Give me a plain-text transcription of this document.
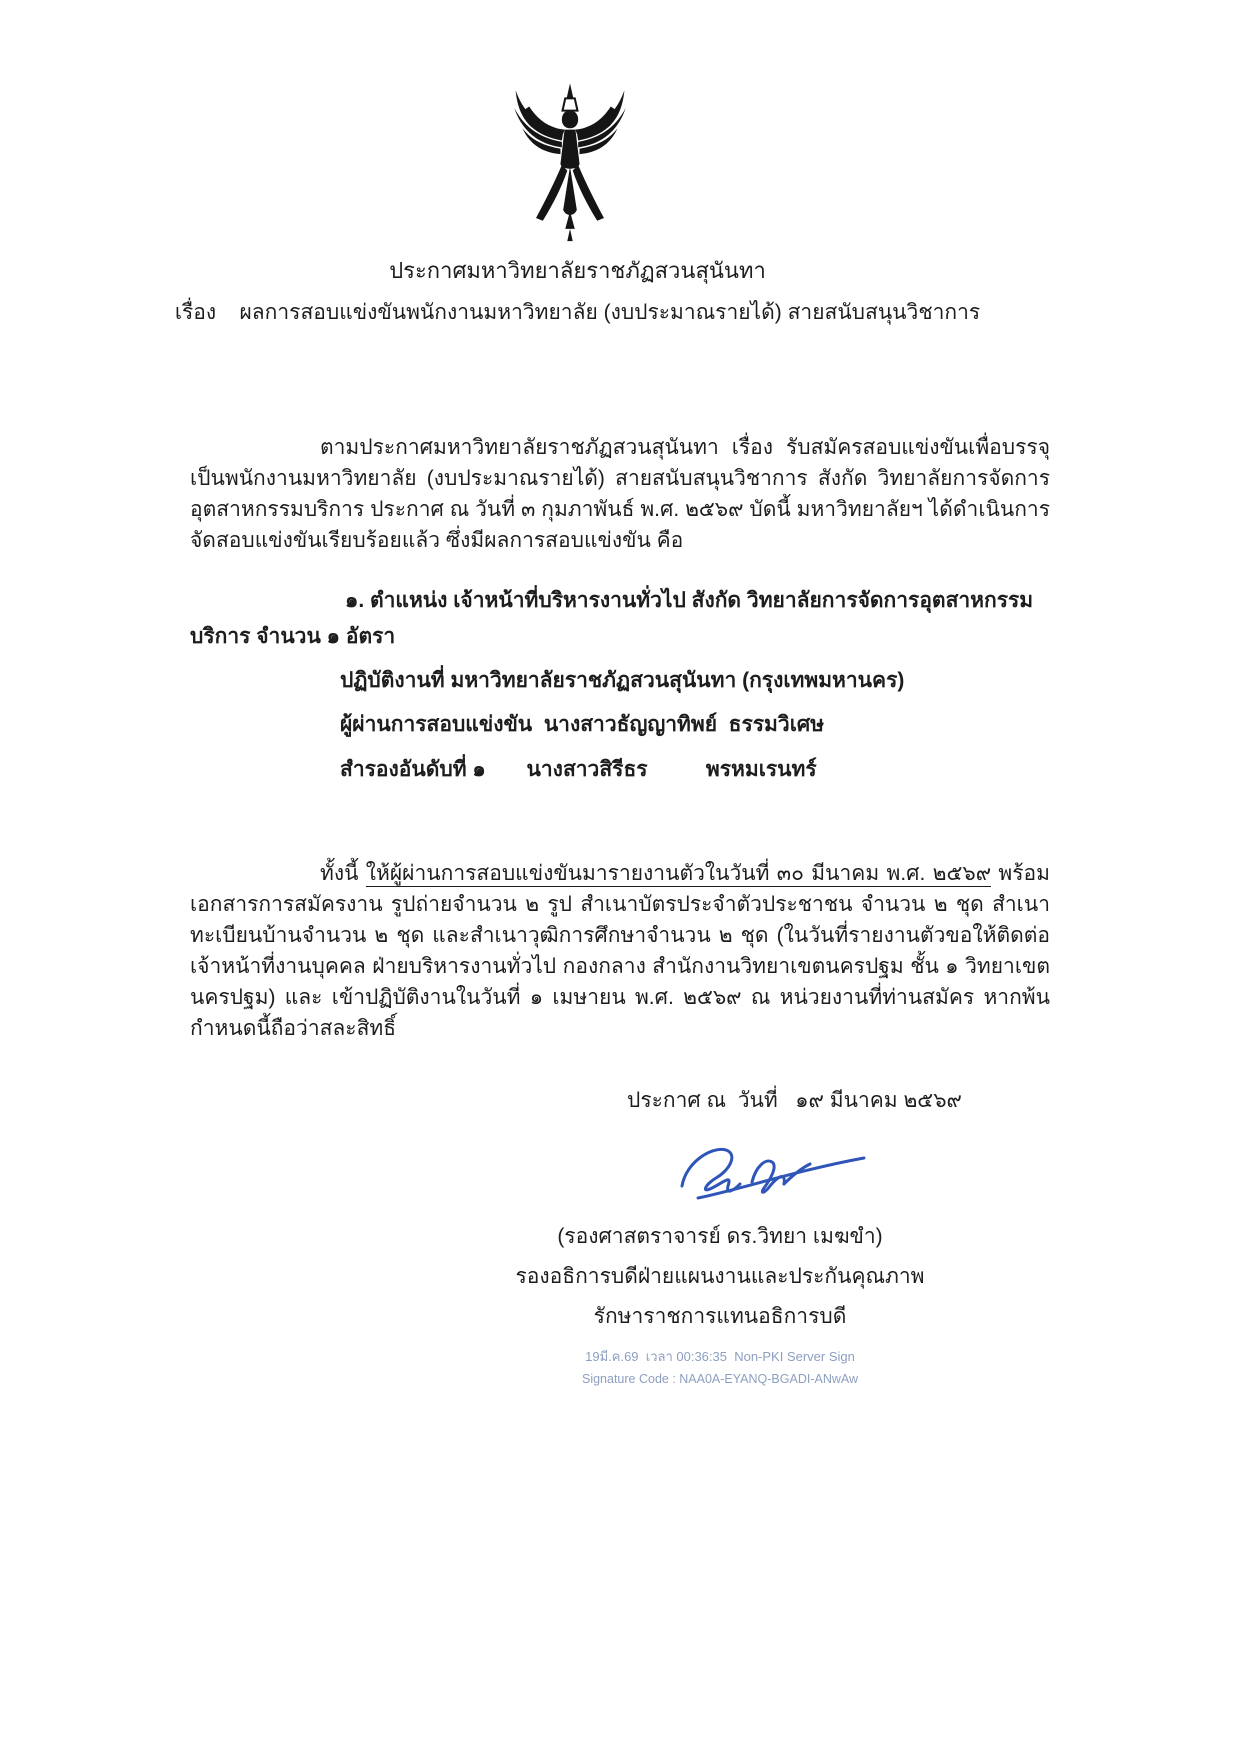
ประกาศมหาวิทยาลัยราชภัฏสวนสุนันทา
เรื่อง    ผลการสอบแข่งขันพนักงานมหาวิทยาลัย (งบประมาณรายได้) สายสนับสนุนวิชาการ

ตามประกาศมหาวิทยาลัยราชภัฏสวนสุนันทา เรื่อง รับสมัครสอบแข่งขันเพื่อบรรจุเป็นพนักงานมหาวิทยาลัย (งบประมาณรายได้) สายสนับสนุนวิชาการ สังกัด วิทยาลัยการจัดการอุตสาหกรรมบริการ ประกาศ ณ วันที่ ๓ กุมภาพันธ์ พ.ศ. ๒๕๖๙ บัดนี้ มหาวิทยาลัยฯ ได้ดำเนินการจัดสอบแข่งขันเรียบร้อยแล้ว ซึ่งมีผลการสอบแข่งขัน คือ

๑. ตำแหน่ง เจ้าหน้าที่บริหารงานทั่วไป สังกัด วิทยาลัยการจัดการอุตสาหกรรมบริการ จำนวน ๑ อัตรา

ปฏิบัติงานที่ มหาวิทยาลัยราชภัฏสวนสุนันทา (กรุงเทพมหานคร)

ผู้ผ่านการสอบแข่งขัน  นางสาวธัญญาทิพย์  ธรรมวิเศษ

สำรองอันดับที่ ๑       นางสาวสิรีธร          พรหมเรนทร์

ทั้งนี้ ให้ผู้ผ่านการสอบแข่งขันมารายงานตัวในวันที่ ๓๐ มีนาคม พ.ศ. ๒๕๖๙ พร้อมเอกสารการสมัครงาน รูปถ่ายจำนวน ๒ รูป สำเนาบัตรประจำตัวประชาชน จำนวน ๒ ชุด สำเนาทะเบียนบ้านจำนวน ๒ ชุด และสำเนาวุฒิการศึกษาจำนวน ๒ ชุด (ในวันที่รายงานตัวขอให้ติดต่อเจ้าหน้าที่งานบุคคล ฝ่ายบริหารงานทั่วไป กองกลาง สำนักงานวิทยาเขตนครปฐม ชั้น ๑ วิทยาเขตนครปฐม) และ เข้าปฏิบัติงานในวันที่ ๑ เมษายน พ.ศ. ๒๕๖๙ ณ หน่วยงานที่ท่านสมัคร หากพ้นกำหนดนี้ถือว่าสละสิทธิ์

ประกาศ ณ  วันที่   ๑๙ มีนาคม ๒๕๖๙

(รองศาสตราจารย์ ดร.วิทยา เมฆขำ)

รองอธิการบดีฝ่ายแผนงานและประกันคุณภาพ

รักษาราชการแทนอธิการบดี

19มี.ค.69  เวลา 00:36:35  Non-PKI Server Sign

Signature Code : NAA0A-EYANQ-BGADI-ANwAw
